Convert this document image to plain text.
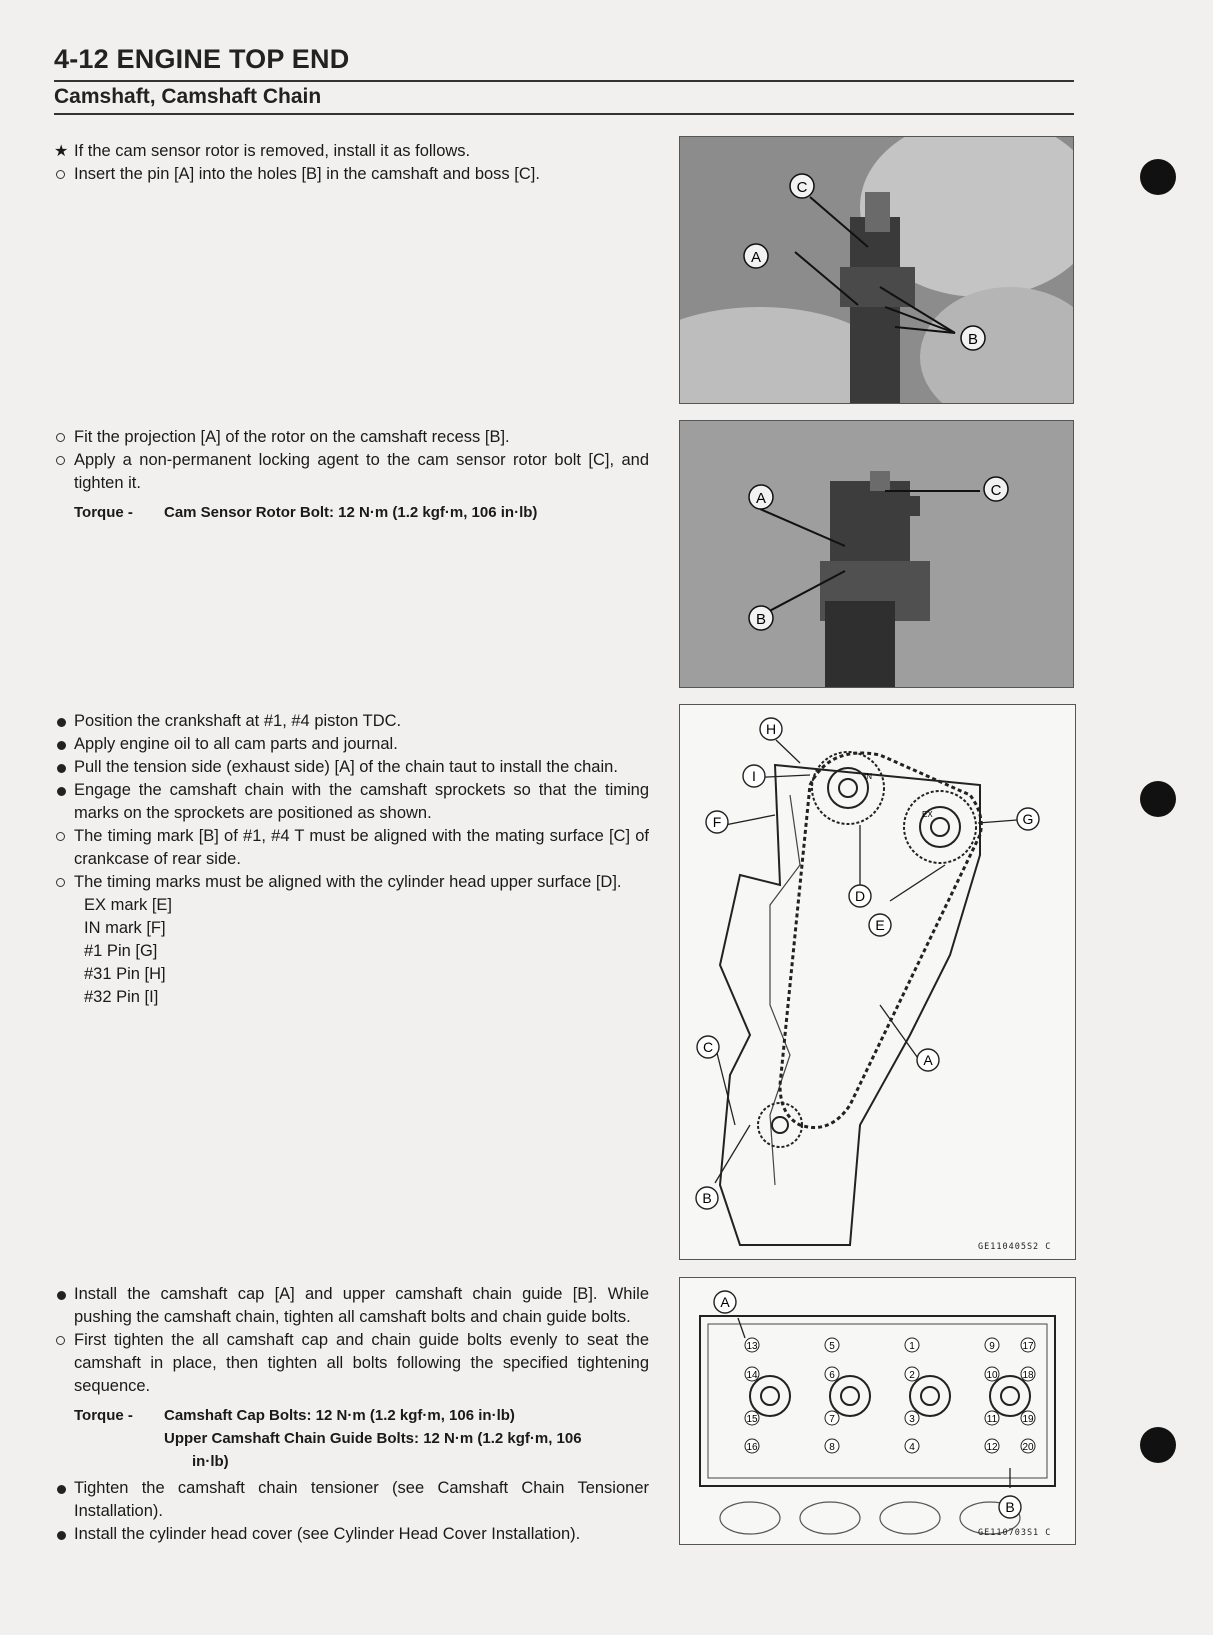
4-12 ENGINE TOP END
Camshaft, Camshaft Chain
★ If the cam sensor rotor is removed, install it as follows.
Insert the pin [A] into the holes [B] in the camshaft and boss [C].
Fit the projection [A] of the rotor on the camshaft recess [B].
Apply a non-permanent locking agent to the cam sensor rotor bolt [C], and tighten it.
Torque -	Cam Sensor Rotor Bolt: 12 N·m (1.2 kgf·m, 106 in·lb)
Position the crankshaft at #1, #4 piston TDC.
Apply engine oil to all cam parts and journal.
Pull the tension side (exhaust side) [A] of the chain taut to install the chain.
Engage the camshaft chain with the camshaft sprockets so that the timing marks on the sprockets are positioned as shown.
The timing mark [B] of #1, #4 T must be aligned with the mating surface [C] of crankcase of rear side.
The timing marks must be aligned with the cylinder head upper surface [D].
EX mark [E]
IN mark [F]
#1 Pin [G]
#31 Pin [H]
#32 Pin [I]
Install the camshaft cap [A] and upper camshaft chain guide [B]. While pushing the camshaft chain, tighten all camshaft bolts and chain guide bolts.
First tighten the all camshaft cap and chain guide bolts evenly to seat the camshaft in place, then tighten all bolts following the specified tightening sequence.
Torque -	Camshaft Cap Bolts: 12 N·m (1.2 kgf·m, 106 in·lb)
Upper Camshaft Chain Guide Bolts: 12 N·m (1.2 kgf·m, 106
in·lb)
Tighten the camshaft chain tensioner (see Camshaft Chain Tensioner Installation).
Install the cylinder head cover (see Cylinder Head Cover Installation).
C
A
B
A	C
B
IN
EX
H
I
F	G
D
E
C
A
B
GE110405S2 C
13	5	1	9	17
14	6	2	10 18
15	7	3	11	19
16	8	4	12 20
A
B
GE110703S1 C
